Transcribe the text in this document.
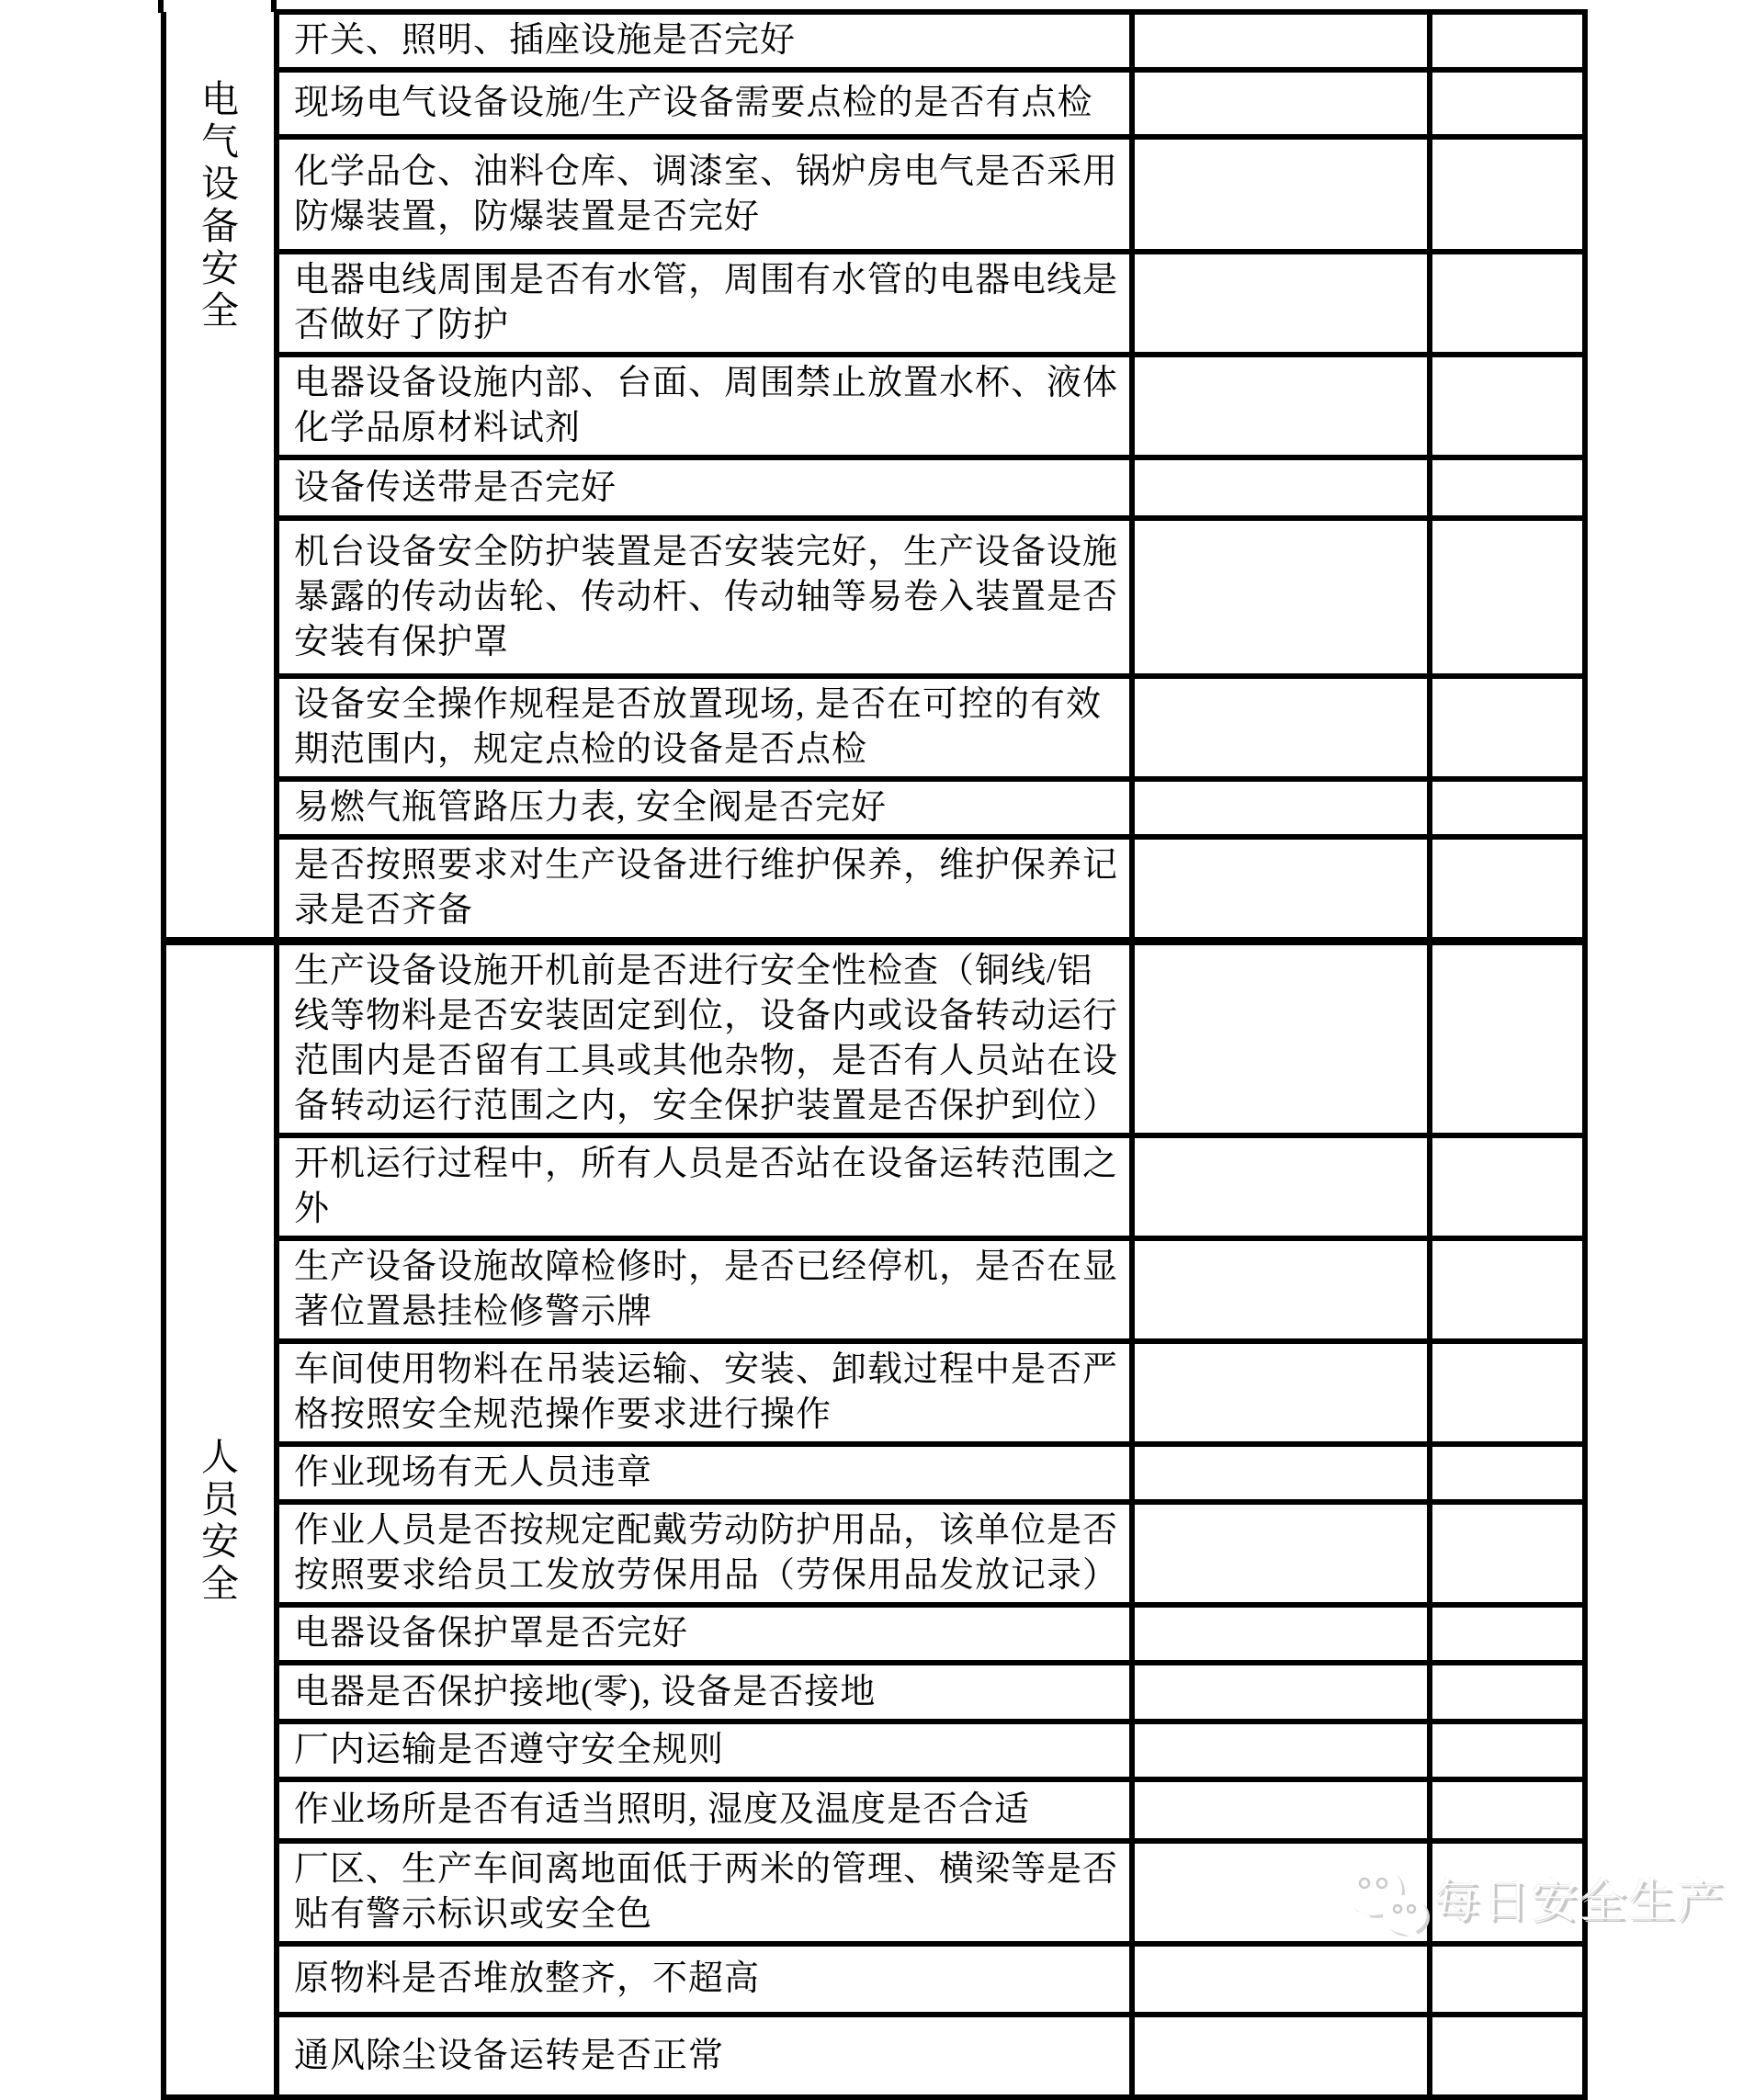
电
气
设
备
安
全
	开关、照明、插座设施是否完好		
	现场电气设备设施/生产设备需要点检的是否有点检		
	化学品仓、油料仓库、调漆室、锅炉房电气是否采用防爆装置，防爆装置是否完好		
	电器电线周围是否有水管，周围有水管的电器电线是否做好了防护		
	电器设备设施内部、台面、周围禁止放置水杯、液体化学品原材料试剂		
	设备传送带是否完好		
	机台设备安全防护装置是否安装完好，生产设备设施暴露的传动齿轮、传动杆、传动轴等易卷入装置是否安装有保护罩		
	设备安全操作规程是否放置现场, 是否在可控的有效期范围内，规定点检的设备是否点检		
	易燃气瓶管路压力表, 安全阀是否完好		
	是否按照要求对生产设备进行维护保养，维护保养记录是否齐备		

人
员
安
全	生产设备设施开机前是否进行安全性检查（铜线/铝线等物料是否安装固定到位，设备内或设备转动运行范围内是否留有工具或其他杂物，是否有人员站在设备转动运行范围之内，安全保护装置是否保护到位）		
	开机运行过程中，所有人员是否站在设备运转范围之外		
	生产设备设施故障检修时，是否已经停机，是否在显著位置悬挂检修警示牌		
	车间使用物料在吊装运输、安装、卸载过程中是否严格按照安全规范操作要求进行操作		
	作业现场有无人员违章		
	作业人员是否按规定配戴劳动防护用品，该单位是否按照要求给员工发放劳保用品（劳保用品发放记录）		
	电器设备保护罩是否完好		
	电器是否保护接地(零), 设备是否接地		
	厂内运输是否遵守安全规则		
	作业场所是否有适当照明, 湿度及温度是否合适		
	厂区、生产车间离地面低于两米的管理、横梁等是否贴有警示标识或安全色		
	原物料是否堆放整齐，不超高		
	通风除尘设备运转是否正常		
每日安全生产
